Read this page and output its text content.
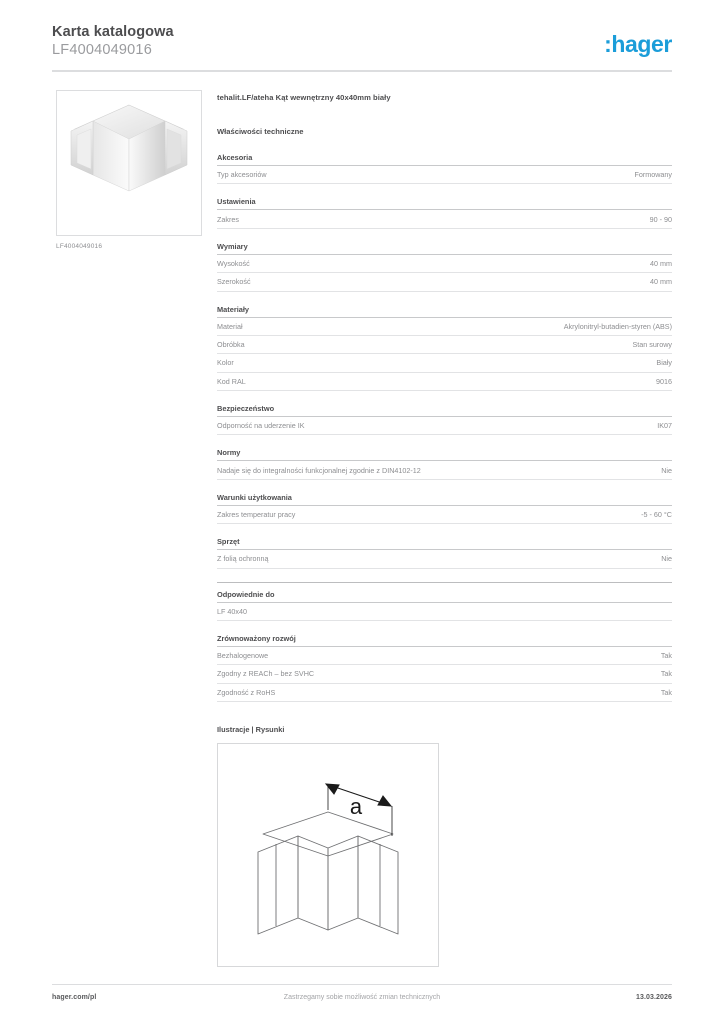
Karta katalogowa
LF4004049016	:hager
LF4004049016
tehalit.LF/ateha Kąt wewnętrzny 40x40mm biały
Właściwości techniczne
Akcesoria
Typ akcesoriów	Formowany
Ustawienia
Zakres	90 - 90
Wymiary
Wysokość	40 mm
Szerokość	40 mm
Materiały
Materiał	Akrylonitryl-butadien-styren (ABS)
Obróbka	Stan surowy
Kolor	Biały
Kod RAL	9016
Bezpieczeństwo
Odporność na uderzenie IK	IK07
Normy
Nadaje się do integralności funkcjonalnej zgodnie z DIN4102-12	Nie
Warunki użytkowania
Zakres temperatur pracy	-5 - 60 °C
Sprzęt
Z folią ochronną	Nie
Odpowiednie do
LF 40x40
Zrównoważony rozwój
Bezhalogenowe	Tak
Zgodny z REACh – bez SVHC	Tak
Zgodność z RoHS	Tak
Ilustracje | Rysunki
a
hager.com/pl	Zastrzegamy sobie możliwość zmian technicznych	13.03.2026
